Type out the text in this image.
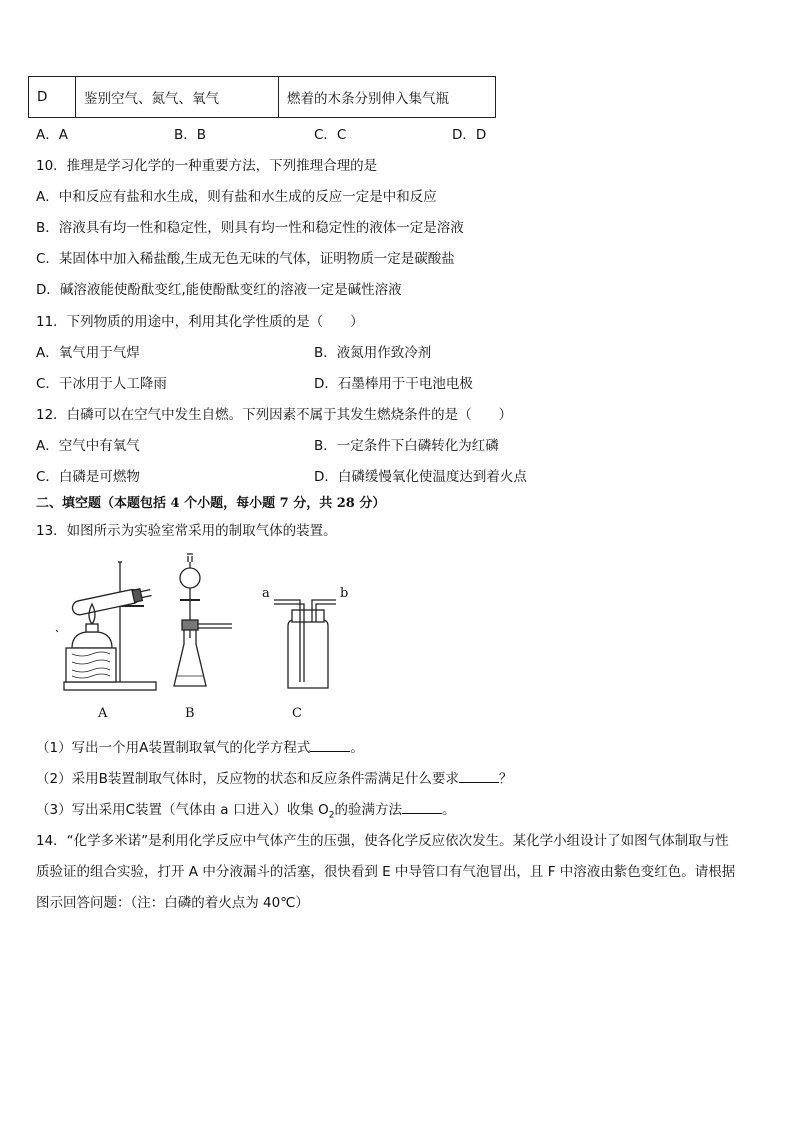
D	鉴别空气、氮气、氧气	燃着的木条分别伸入集气瓶
A．A	B．B	C．C	D．D
10．推理是学习化学的一种重要方法，下列推理合理的是
A．中和反应有盐和水生成，则有盐和水生成的反应一定是中和反应
B．溶液具有均一性和稳定性，则具有均一性和稳定性的液体一定是溶液
C．某固体中加入稀盐酸,生成无色无味的气体，证明物质一定是碳酸盐
D．碱溶液能使酚酞变红,能使酚酞变红的溶液一定是碱性溶液
11．下列物质的用途中，利用其化学性质的是（　　）
A．氧气用于气焊	B．液氮用作致冷剂
C．干冰用于人工降雨	D．石墨棒用于干电池电极
12．白磷可以在空气中发生自燃。下列因素不属于其发生燃烧条件的是（　　）
A．空气中有氧气	B．一定条件下白磷转化为红磷
C．白磷是可燃物	D．白磷缓慢氧化使温度达到着火点
二、填空题（本题包括 4 个小题，每小题 7 分，共 28 分）
13．如图所示为实验室常采用的制取气体的装置。
A	B	C
a	b
（1）写出一个用A装置制取氧气的化学方程式	。
（2）采用B装置制取气体时，反应物的状态和反应条件需满足什么要求	？
（3）写出采用C装置（气体由 a 口进入）收集 $O_2$的验满方法	。
14．“化学多米诺”是利用化学反应中气体产生的压强，使各化学反应依次发生。某化学小组设计了如图气体制取与性
质验证的组合实验，打开 A 中分液漏斗的活塞，很快看到 E 中导管口有气泡冒出，且 F 中溶液由紫色变红色。请根据
图示回答问题：（注：白磷的着火点为 40℃）
